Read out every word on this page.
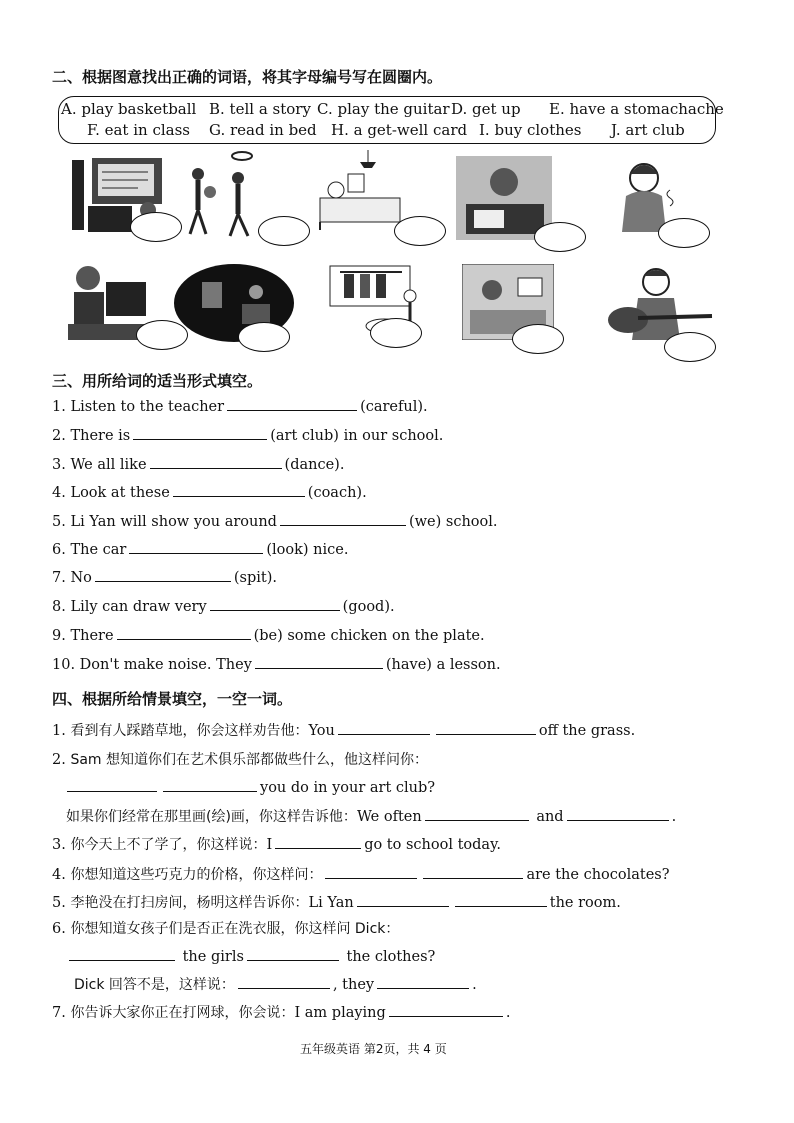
二、根据图意找出正确的词语，将其字母编号写在圆圈内。
A. play basketball B. tell a story C. play the guitar D. get up E. have a stomachache
F. eat in class G. read in bed H. a get-well card I. buy clothes J. art club
三、用所给词的适当形式填空。
1. Listen to the teacher	(careful).
2. There is	(art club) in our school.
3. We all like	(dance).
4. Look at these	(coach).
5. Li Yan will show you around	(we) school.
6. The car	(look) nice.
7. No	(spit).
8. Lily can draw very	(good).
9. There	(be) some chicken on the plate.
10. Don't make noise. They	(have) a lesson.
四、根据所给情景填空，一空一词。
1. 看到有人踩踏草地，你会这样劝告他：You	off the grass.
2. Sam 想知道你们在艺术俱乐部都做些什么，他这样问你：
you do in your art club?
如果你们经常在那里画(绘)画，你这样告诉他：We often	and	.
3. 你今天上不了学了，你这样说：I	go to school today.
4. 你想知道这些巧克力的价格，你这样问：	are the chocolates?
5. 李艳没在打扫房间，杨明这样告诉你：Li Yan	the room.
6. 你想知道女孩子们是否正在洗衣服，你这样问 Dick：
the girls	the clothes?
Dick 回答不是，这样说：	, they	.
7. 你告诉大家你正在打网球，你会说：I am playing	.
五年级英语 第2页，共 4 页
